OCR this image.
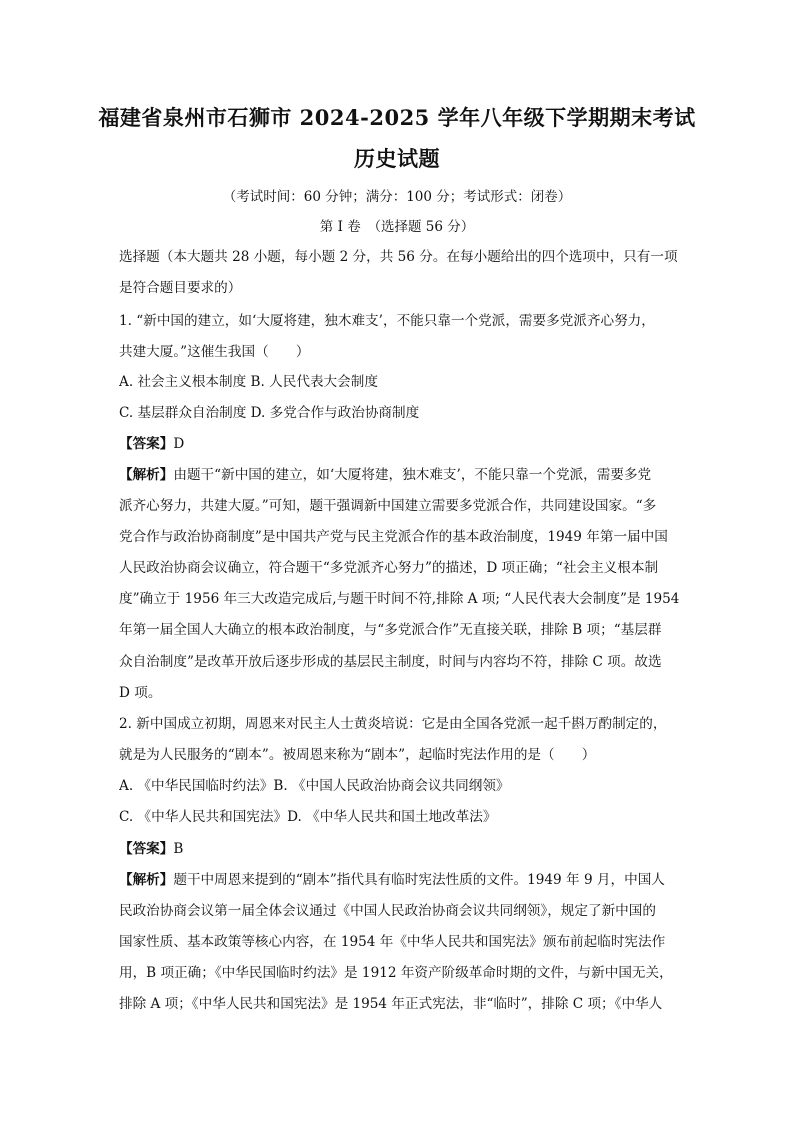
福建省泉州市石狮市 2024-2025 学年八年级下学期期末考试
历史试题
（考试时间：60 分钟；满分：100 分；考试形式：闭卷）
第 I 卷　（选择题 56 分）
选择题（本大题共 28 小题，每小题 2 分，共 56 分。在每小题给出的四个选项中，只有一项
是符合题目要求的）
1. “新中国的建立，如‘大厦将建，独木难支’，不能只靠一个党派，需要多党派齐心努力，
共建大厦。”这催生我国（　　）
A. 社会主义根本制度 B. 人民代表大会制度
C. 基层群众自治制度 D. 多党合作与政治协商制度
【答案】D
【解析】由题干“新中国的建立，如‘大厦将建，独木难支’，不能只靠一个党派，需要多党
派齐心努力，共建大厦。”可知，题干强调新中国建立需要多党派合作，共同建设国家。“多
党合作与政治协商制度”是中国共产党与民主党派合作的基本政治制度，1949 年第一届中国
人民政治协商会议确立，符合题干“多党派齐心努力”的描述，D 项正确；“社会主义根本制
度”确立于 1956 年三大改造完成后,与题干时间不符,排除 A 项; “人民代表大会制度”是 1954
年第一届全国人大确立的根本政治制度，与“多党派合作”无直接关联，排除 B 项；“基层群
众自治制度”是改革开放后逐步形成的基层民主制度，时间与内容均不符，排除 C 项。故选
D 项。
2. 新中国成立初期，周恩来对民主人士黄炎培说：它是由全国各党派一起千斟万酌制定的，
就是为人民服务的“剧本”。被周恩来称为“剧本”，起临时宪法作用的是（　　）
A. 《中华民国临时约法》B. 《中国人民政治协商会议共同纲领》
C. 《中华人民共和国宪法》D. 《中华人民共和国土地改革法》
【答案】B
【解析】题干中周恩来提到的“剧本”指代具有临时宪法性质的文件。1949 年 9 月，中国人
民政治协商会议第一届全体会议通过《中国人民政治协商会议共同纲领》，规定了新中国的
国家性质、基本政策等核心内容，在 1954 年《中华人民共和国宪法》颁布前起临时宪法作
用，B 项正确；《中华民国临时约法》是 1912 年资产阶级革命时期的文件，与新中国无关，
排除 A 项；《中华人民共和国宪法》是 1954 年正式宪法，非“临时”，排除 C 项；《中华人
